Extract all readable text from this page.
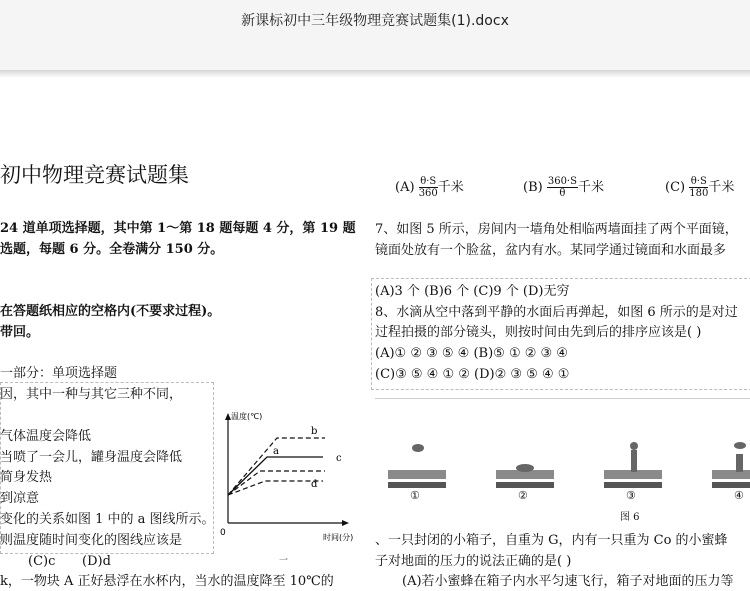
新课标初中三年级物理竞赛试题集(1).docx
初中物理竞赛试题集
24 道单项选择题，其中第 1～第 18 题每题 4 分，第 19 题
选题，每题 6 分。全卷满分 150 分。
在答题纸相应的空格内(不要求过程)。
带回。
一部分：单项选择题
因，其中一种与其它三种不同，
气体温度会降低
当喷了一会儿，罐身温度会降低
简身发热
到凉意
变化的关系如图 1 中的 a 图线所示。
则温度随时间变化的图线应该是
(C)c (D)d
k，一物块 A 正好悬浮在水杯内，当水的温度降至 10℃的
温度(℃)
时间(分)
0
b
a
c
d
一
$(A) \frac{\theta\cdot S}{360}$ 千米	$(B) \frac{360\cdot S}{\theta}$ 千米	$(C) \frac{\theta\cdot S}{180}$ 千米
7、如图 5 所示，房间内一墙角处相临两墙面挂了两个平面镜，
镜面处放有一个脸盆，盆内有水。某同学通过镜面和水面最多
(A)3 个 (B)6 个 (C)9 个 (D)无穷
8、水滴从空中落到平静的水面后再弹起，如图 6 所示的是对过
过程拍摄的部分镜头，则按时间由先到后的排序应该是( )
(A)① ② ③ ⑤ ④ (B)⑤ ① ② ③ ④
(C)③ ⑤ ④ ① ② (D)② ③ ⑤ ④ ①
①	②	③	④
图 6
、一只封闭的小箱子，自重为 G，内有一只重为 Co 的小蜜蜂
子对地面的压力的说法正确的是( )
(A)若小蜜蜂在箱子内水平匀速飞行，箱子对地面的压力等
